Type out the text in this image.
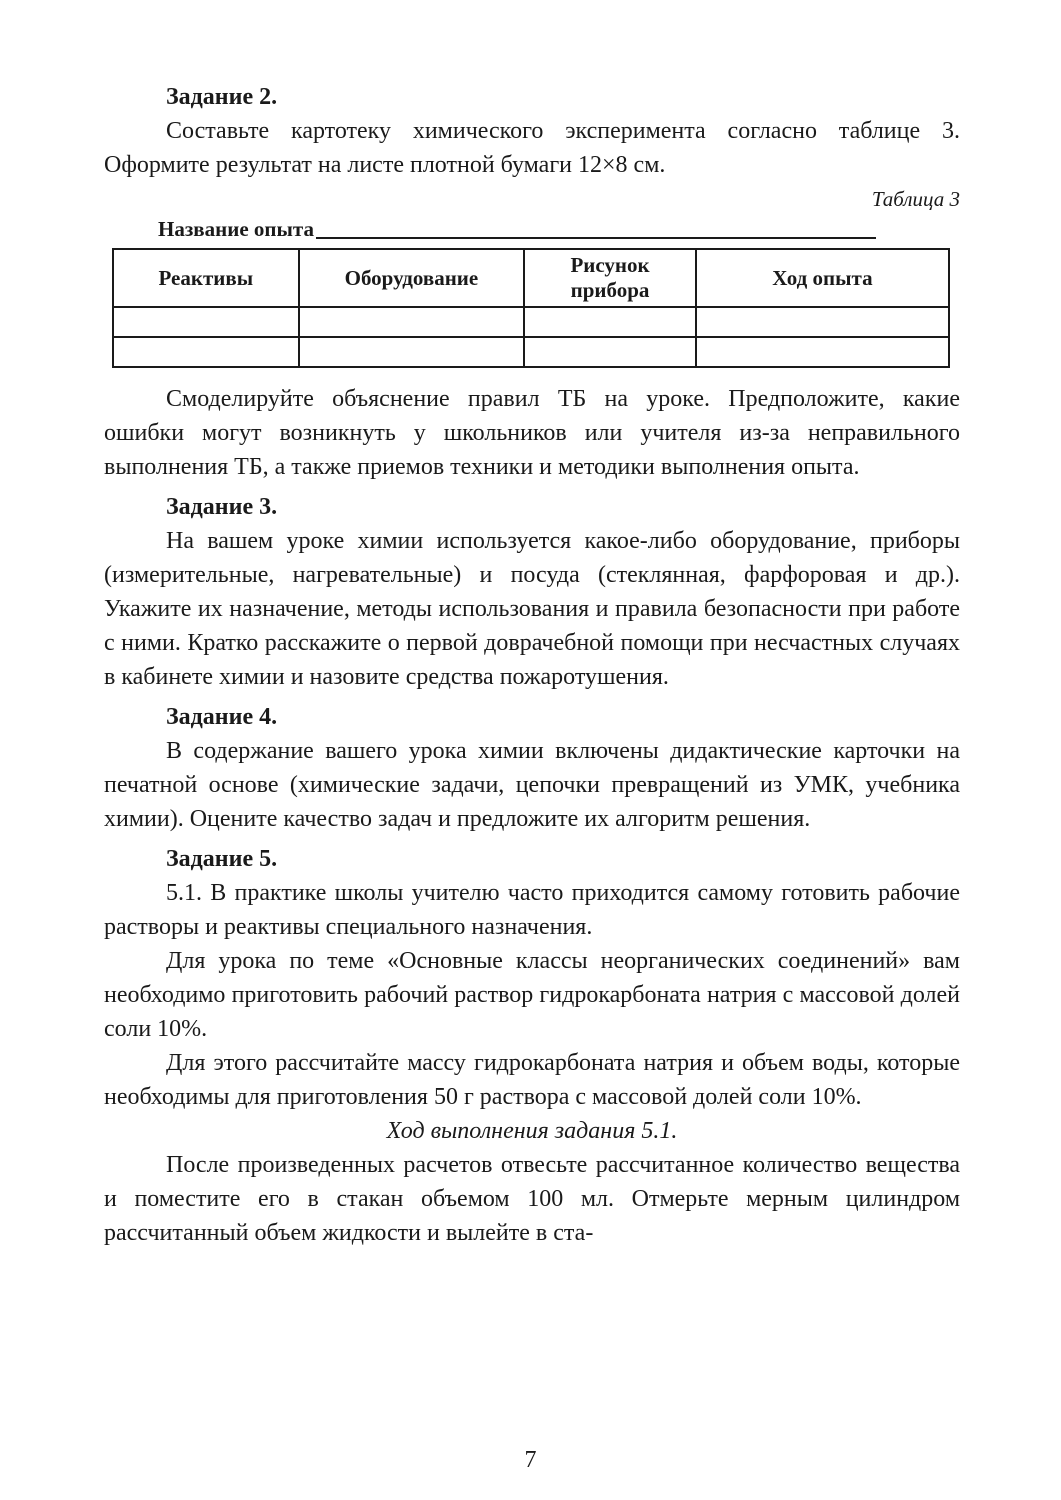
Задание 2.

Составьте картотеку химического эксперимента согласно таблице 3. Оформите результат на листе плотной бумаги 12×8 см.

Таблица 3

Название опыта
Реактивы	Оборудование	Рисунок прибора	Ход опыта

Смоделируйте объяснение правил ТБ на уроке. Предположите, какие ошибки могут возникнуть у школьников или учителя из-за неправильного выполнения ТБ, а также приемов техники и методики выполнения опыта.

Задание 3.

На вашем уроке химии используется какое-либо оборудование, приборы (измерительные, нагревательные) и посуда (стеклянная, фарфоровая и др.). Укажите их назначение, методы использования и правила безопасности при работе с ними. Кратко расскажите о первой доврачебной помощи при несчастных случаях в кабинете химии и назовите средства пожаротушения.

Задание 4.

В содержание вашего урока химии включены дидактические карточки на печатной основе (химические задачи, цепочки превращений из УМК, учебника химии). Оцените качество задач и предложите их алгоритм решения.

Задание 5.

5.1. В практике школы учителю часто приходится самому готовить рабочие растворы и реактивы специального назначения.

Для урока по теме «Основные классы неорганических соединений» вам необходимо приготовить рабочий раствор гидрокарбоната натрия с массовой долей соли 10%.

Для этого рассчитайте массу гидрокарбоната натрия и объем воды, которые необходимы для приготовления 50 г раствора с массовой долей соли 10%.

Ход выполнения задания 5.1.

После произведенных расчетов отвесьте рассчитанное количество вещества и поместите его в стакан объемом 100 мл. Отмерьте мерным цилиндром рассчитанный объем жидкости и вылейте в ста-

7
